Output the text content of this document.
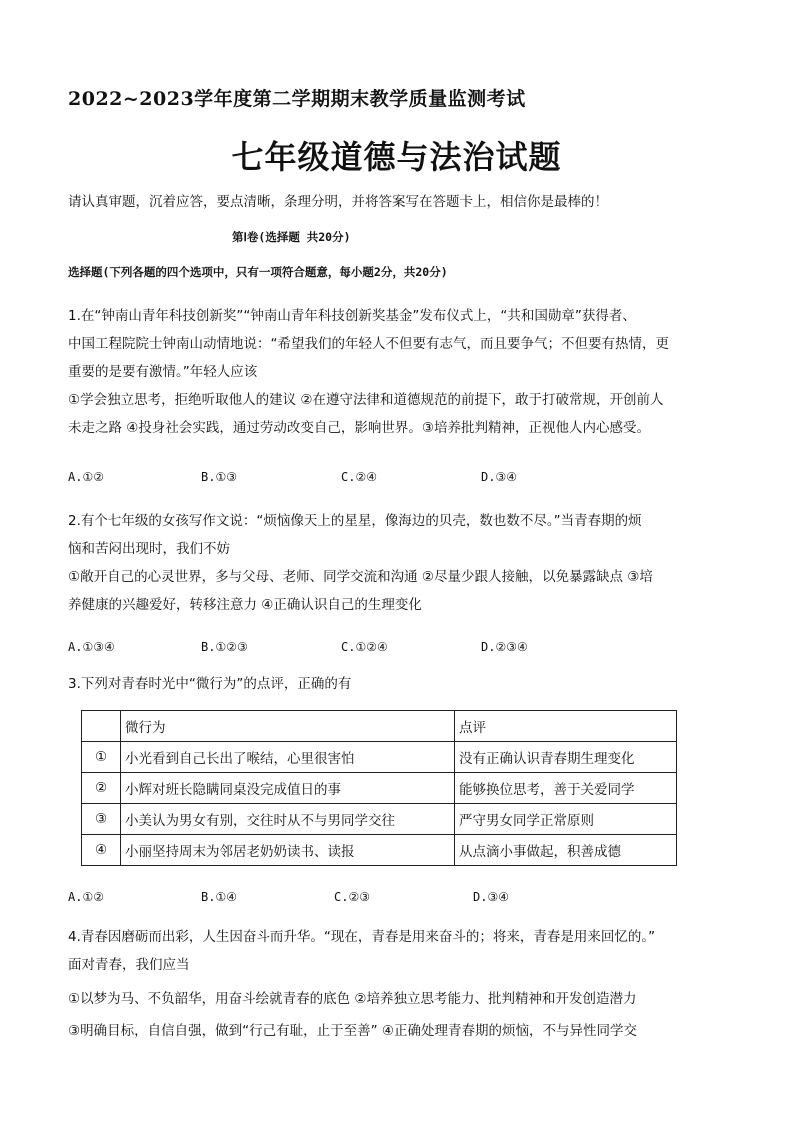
2022~2023学年度第二学期期末教学质量监测考试
七年级道德与法治试题
请认真审题，沉着应答，要点清晰，条理分明，并将答案写在答题卡上，相信你是最棒的！
第Ⅰ卷(选择题 共20分)
选择题(下列各题的四个选项中，只有一项符合题意，每小题2分，共20分)

1.在“钟南山青年科技创新奖”“钟南山青年科技创新奖基金”发布仪式上，“共和国勋章”获得者、

中国工程院院士钟南山动情地说：“希望我们的年轻人不但要有志气，而且要争气；不但要有热情，更

重要的是要有激情。”年轻人应该

①学会独立思考，拒绝听取他人的建议 ②在遵守法律和道德规范的前提下，敢于打破常规，开创前人

未走之路 ④投身社会实践，通过劳动改变自己，影响世界。③培养批判精神，正视他人内心感受。

A.①②	B.①③	C.②④	D.③④

2.有个七年级的女孩写作文说：“烦恼像天上的星星，像海边的贝壳，数也数不尽。”当青春期的烦

恼和苦闷出现时，我们不妨

①敞开自己的心灵世界，多与父母、老师、同学交流和沟通 ②尽量少跟人接触，以免暴露缺点 ③培

养健康的兴趣爱好，转移注意力 ④正确认识自己的生理变化

A.①③④	B.①②③	C.①②④	D.②③④

3.下列对青春时光中“微行为”的点评，正确的有

	微行为	点评
①	小光看到自己长出了喉结，心里很害怕	没有正确认识青春期生理变化
②	小辉对班长隐瞒同桌没完成值日的事	能够换位思考，善于关爱同学
③	小美认为男女有别，交往时从不与男同学交往	严守男女同学正常原则
④	小丽坚持周末为邻居老奶奶读书、读报	从点滴小事做起，积善成德
A.①②	B.①④	C.②③	D.③④

4.青春因磨砺而出彩，人生因奋斗而升华。“现在，青春是用来奋斗的；将来，青春是用来回忆的。”

面对青春，我们应当

①以梦为马、不负韶华，用奋斗绘就青春的底色 ②培养独立思考能力、批判精神和开发创造潜力

③明确目标，自信自强，做到“行己有耻，止于至善” ④正确处理青春期的烦恼，不与异性同学交
